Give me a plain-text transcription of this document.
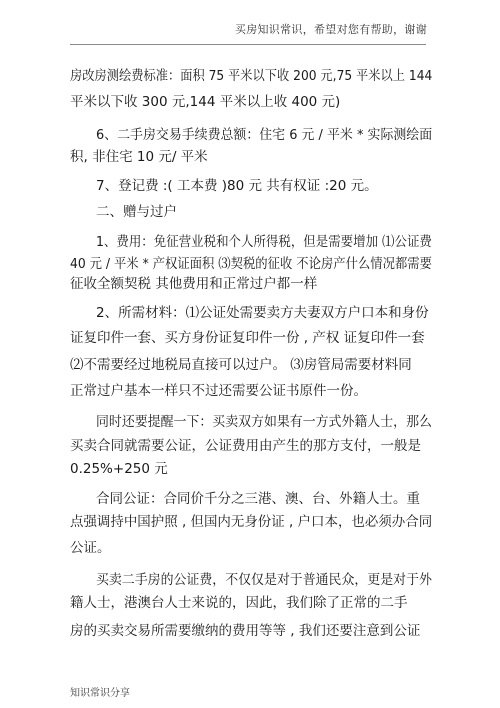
买房知识常识，希望对您有帮助，谢谢
房改房测绘费标准：面积 75 平米以下收 200 元,75 平米以上 144
平米以下收 300 元,144 平米以上收 400 元)
6、二手房交易手续费总额：住宅 6 元 / 平米 * 实际测绘面
积, 非住宅 10 元/ 平米
7、登记费 :( 工本费 )80 元 共有权证 :20 元。
二、赠与过户
1、费用：免征营业税和个人所得税，但是需要增加 ⑴公证费
40 元 / 平米 * 产权证面积 ⑶契税的征收 不论房产什么情况都需要
征收全额契税 其他费用和正常过户都一样
2、所需材料：⑴公证处需要卖方夫妻双方户口本和身份
证复印件一套、买方身份证复印件一份 , 产权 证复印件一套
⑵不需要经过地税局直接可以过户。 ⑶房管局需要材料同
正常过户基本一样只不过还需要公证书原件一份。
同时还要提醒一下：买卖双方如果有一方式外籍人士，那么
买卖合同就需要公证，公证费用由产生的那方支付，一般是
0.25%+250 元
合同公证：合同价千分之三港、澳、台、外籍人士。重
点强调持中国护照 , 但国内无身份证 , 户口本，也必须办合同
公证。
买卖二手房的公证费，不仅仅是对于普通民众，更是对于外
籍人士，港澳台人士来说的，因此，我们除了正常的二手
房的买卖交易所需要缴纳的费用等等 , 我们还要注意到公证
知识常识分享
